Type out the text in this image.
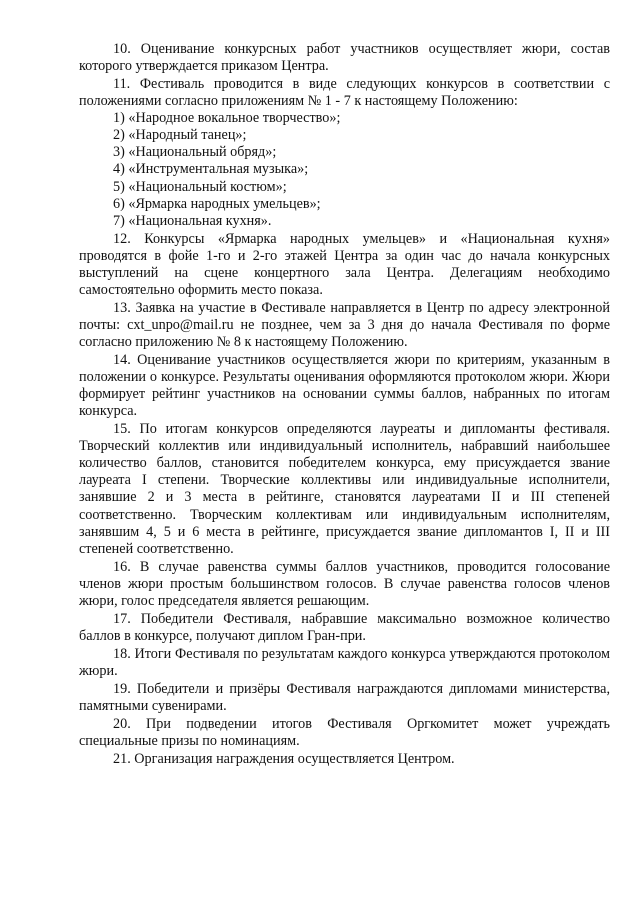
10. Оценивание конкурсных работ участников осуществляет жюри, состав которого утверждается приказом Центра.

11. Фестиваль проводится в виде следующих конкурсов в соответствии с положениями согласно приложениям № 1 - 7 к настоящему Положению:

1) «Народное вокальное творчество»;

2) «Народный танец»;

3) «Национальный обряд»;

4) «Инструментальная музыка»;

5) «Национальный костюм»;

6) «Ярмарка народных умельцев»;

7) «Национальная кухня».

12. Конкурсы «Ярмарка народных умельцев» и «Национальная кухня» проводятся в фойе 1-го и 2-го этажей Центра за один час до начала конкурсных выступлений на сцене концертного зала Центра. Делегациям необходимо самостоятельно оформить место показа.

13. Заявка на участие в Фестивале направляется в Центр по адресу электронной почты: cxt_unpo@mail.ru не позднее, чем за 3 дня до начала Фестиваля по форме согласно приложению № 8 к настоящему Положению.

14. Оценивание участников осуществляется жюри по критериям, указанным в положении о конкурсе. Результаты оценивания оформляются протоколом жюри. Жюри формирует рейтинг участников на основании суммы баллов, набранных по итогам конкурса.

15. По итогам конкурсов определяются лауреаты и дипломанты фестиваля. Творческий коллектив или индивидуальный исполнитель, набравший наибольшее количество баллов, становится победителем конкурса, ему присуждается звание лауреата I степени. Творческие коллективы или индивидуальные исполнители, занявшие 2 и 3 места в рейтинге, становятся лауреатами II и III степеней соответственно. Творческим коллективам или индивидуальным исполнителям, занявшим 4, 5 и 6 места в рейтинге, присуждается звание дипломантов I, II и III степеней соответственно.

16. В случае равенства суммы баллов участников, проводится голосование членов жюри простым большинством голосов. В случае равенства голосов членов жюри, голос председателя является решающим.

17. Победители Фестиваля, набравшие максимально возможное количество баллов в конкурсе, получают диплом Гран-при.

18. Итоги Фестиваля по результатам каждого конкурса утверждаются протоколом жюри.

19. Победители и призёры Фестиваля награждаются дипломами министерства, памятными сувенирами.

20. При подведении итогов Фестиваля Оргкомитет может учреждать специальные призы по номинациям.

21. Организация награждения осуществляется Центром.
